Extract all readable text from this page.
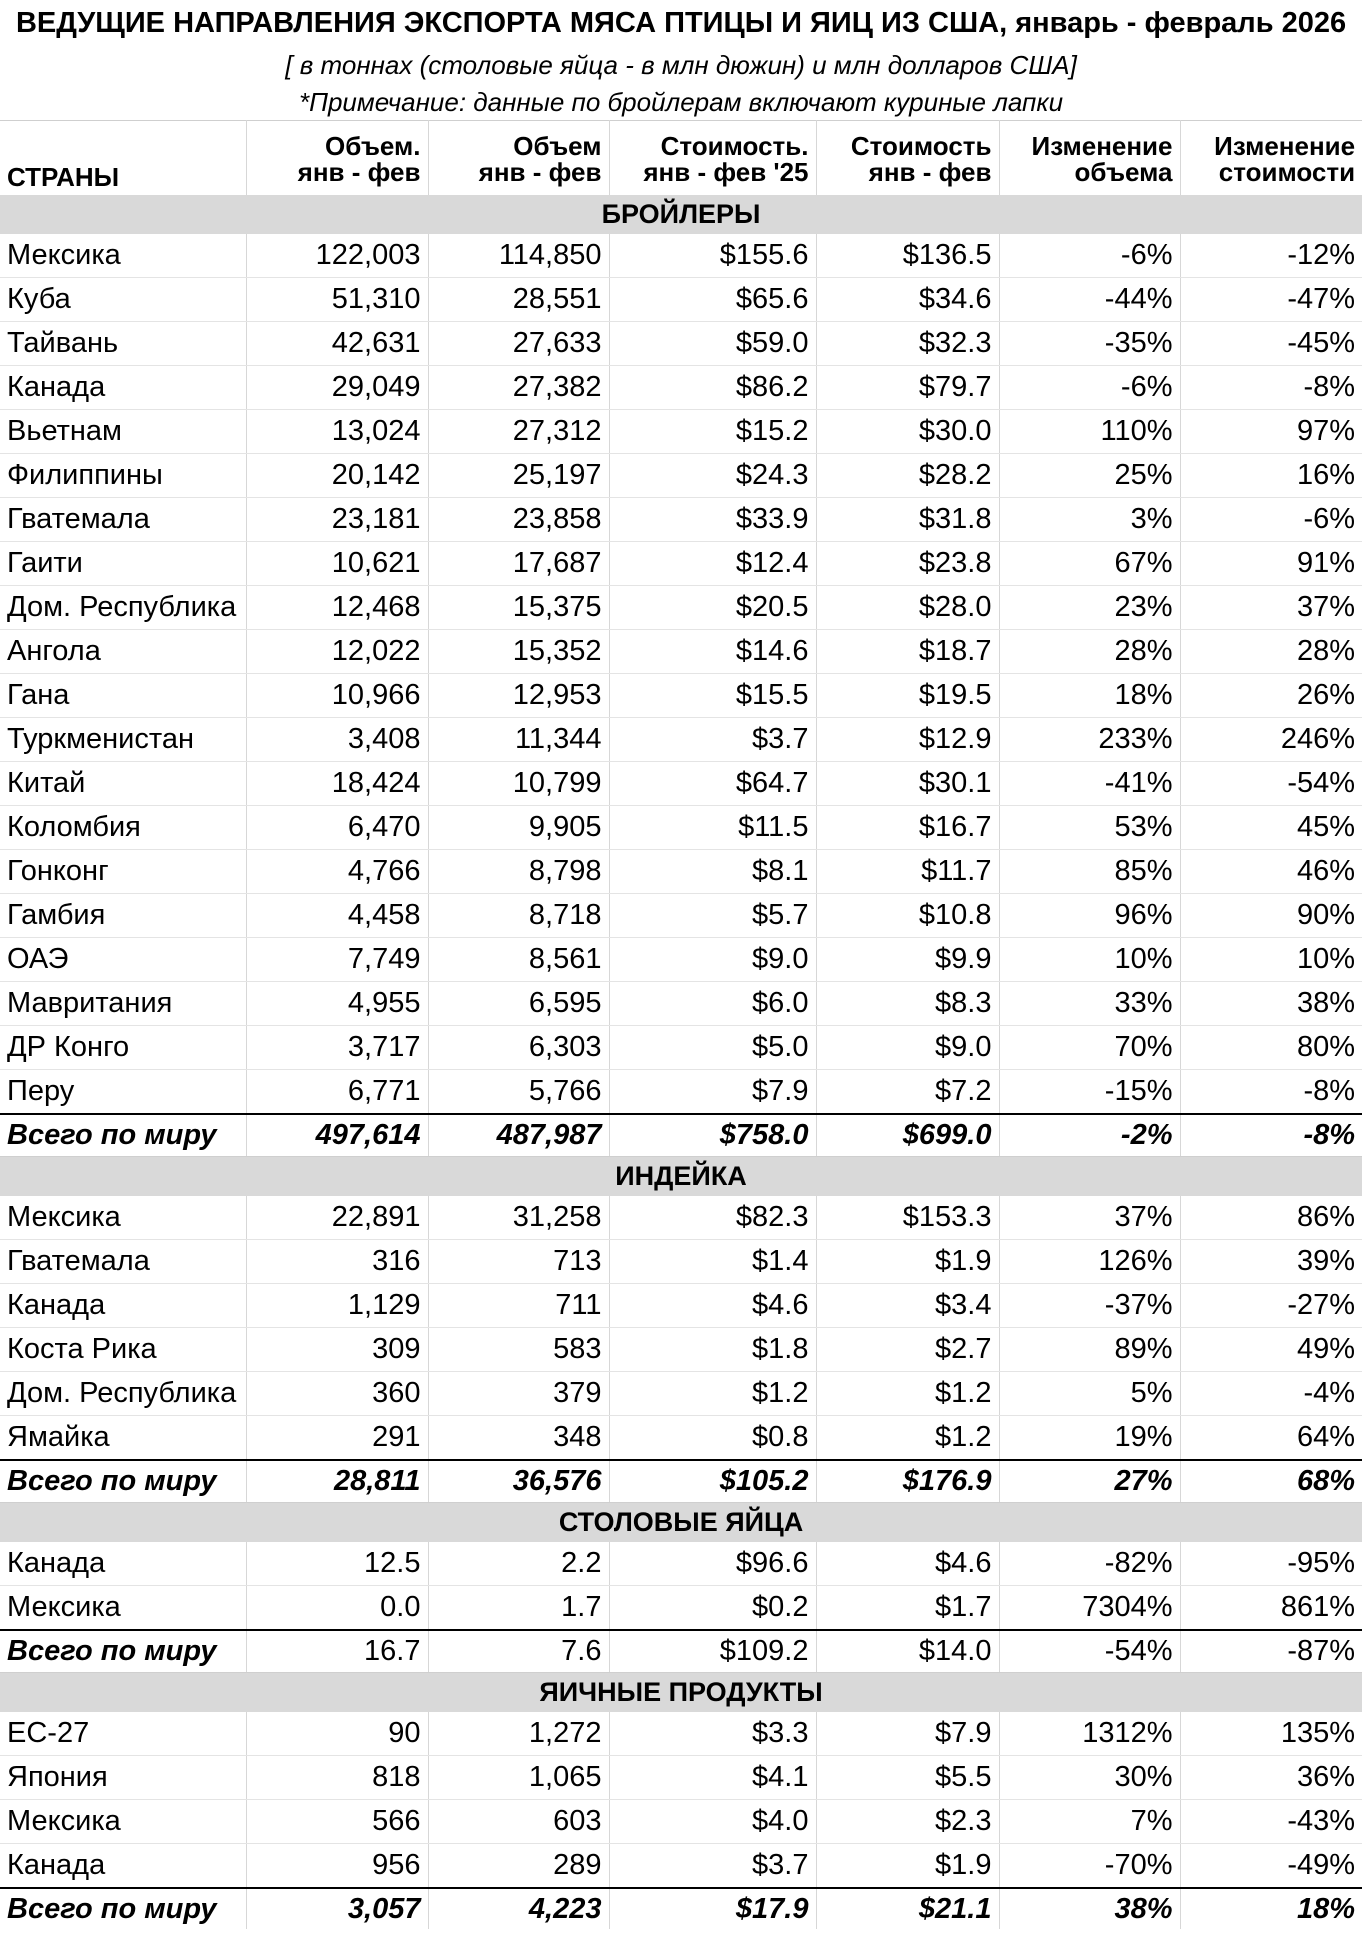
ВЕДУЩИЕ НАПРАВЛЕНИЯ ЭКСПОРТА МЯСА ПТИЦЫ И ЯИЦ ИЗ США, январь - февраль 2026						
[ в тоннах (столовые яйца - в млн дюжин) и млн долларов США]						
*Примечание: данные по бройлерам включают куриные лапки						
	Объем.	Объем	Стоимость.	Стоимость	Изменение	Изменение
СТРАНЫ	янв - фев	янв - фев	янв - фев '25	янв - фев	объема	стоимости
БРОЙЛЕРЫ						
Мексика	122,003	114,850	$155.6	$136.5	-6%	-12%
Куба	51,310	28,551	$65.6	$34.6	-44%	-47%
Тайвань	42,631	27,633	$59.0	$32.3	-35%	-45%
Канада	29,049	27,382	$86.2	$79.7	-6%	-8%
Вьетнам	13,024	27,312	$15.2	$30.0	110%	97%
Филиппины	20,142	25,197	$24.3	$28.2	25%	16%
Гватемала	23,181	23,858	$33.9	$31.8	3%	-6%
Гаити	10,621	17,687	$12.4	$23.8	67%	91%
Дом. Республика	12,468	15,375	$20.5	$28.0	23%	37%
Ангола	12,022	15,352	$14.6	$18.7	28%	28%
Гана	10,966	12,953	$15.5	$19.5	18%	26%
Туркменистан	3,408	11,344	$3.7	$12.9	233%	246%
Китай	18,424	10,799	$64.7	$30.1	-41%	-54%
Коломбия	6,470	9,905	$11.5	$16.7	53%	45%
Гонконг	4,766	8,798	$8.1	$11.7	85%	46%
Гамбия	4,458	8,718	$5.7	$10.8	96%	90%
ОАЭ	7,749	8,561	$9.0	$9.9	10%	10%
Мавритания	4,955	6,595	$6.0	$8.3	33%	38%
ДР Конго	3,717	6,303	$5.0	$9.0	70%	80%
Перу	6,771	5,766	$7.9	$7.2	-15%	-8%
Всего по миру	497,614	487,987	$758.0	$699.0	-2%	-8%
ИНДЕЙКА						
Мексика	22,891	31,258	$82.3	$153.3	37%	86%
Гватемала	316	713	$1.4	$1.9	126%	39%
Канада	1,129	711	$4.6	$3.4	-37%	-27%
Коста Рика	309	583	$1.8	$2.7	89%	49%
Дом. Республика	360	379	$1.2	$1.2	5%	-4%
Ямайка	291	348	$0.8	$1.2	19%	64%
Всего по миру	28,811	36,576	$105.2	$176.9	27%	68%
СТОЛОВЫЕ ЯЙЦА						
Канада	12.5	2.2	$96.6	$4.6	-82%	-95%
Мексика	0.0	1.7	$0.2	$1.7	7304%	861%
Всего по миру	16.7	7.6	$109.2	$14.0	-54%	-87%
ЯИЧНЫЕ ПРОДУКТЫ						
ЕС-27	90	1,272	$3.3	$7.9	1312%	135%
Япония	818	1,065	$4.1	$5.5	30%	36%
Мексика	566	603	$4.0	$2.3	7%	-43%
Канада	956	289	$3.7	$1.9	-70%	-49%
Всего по миру	3,057	4,223	$17.9	$21.1	38%	18%
